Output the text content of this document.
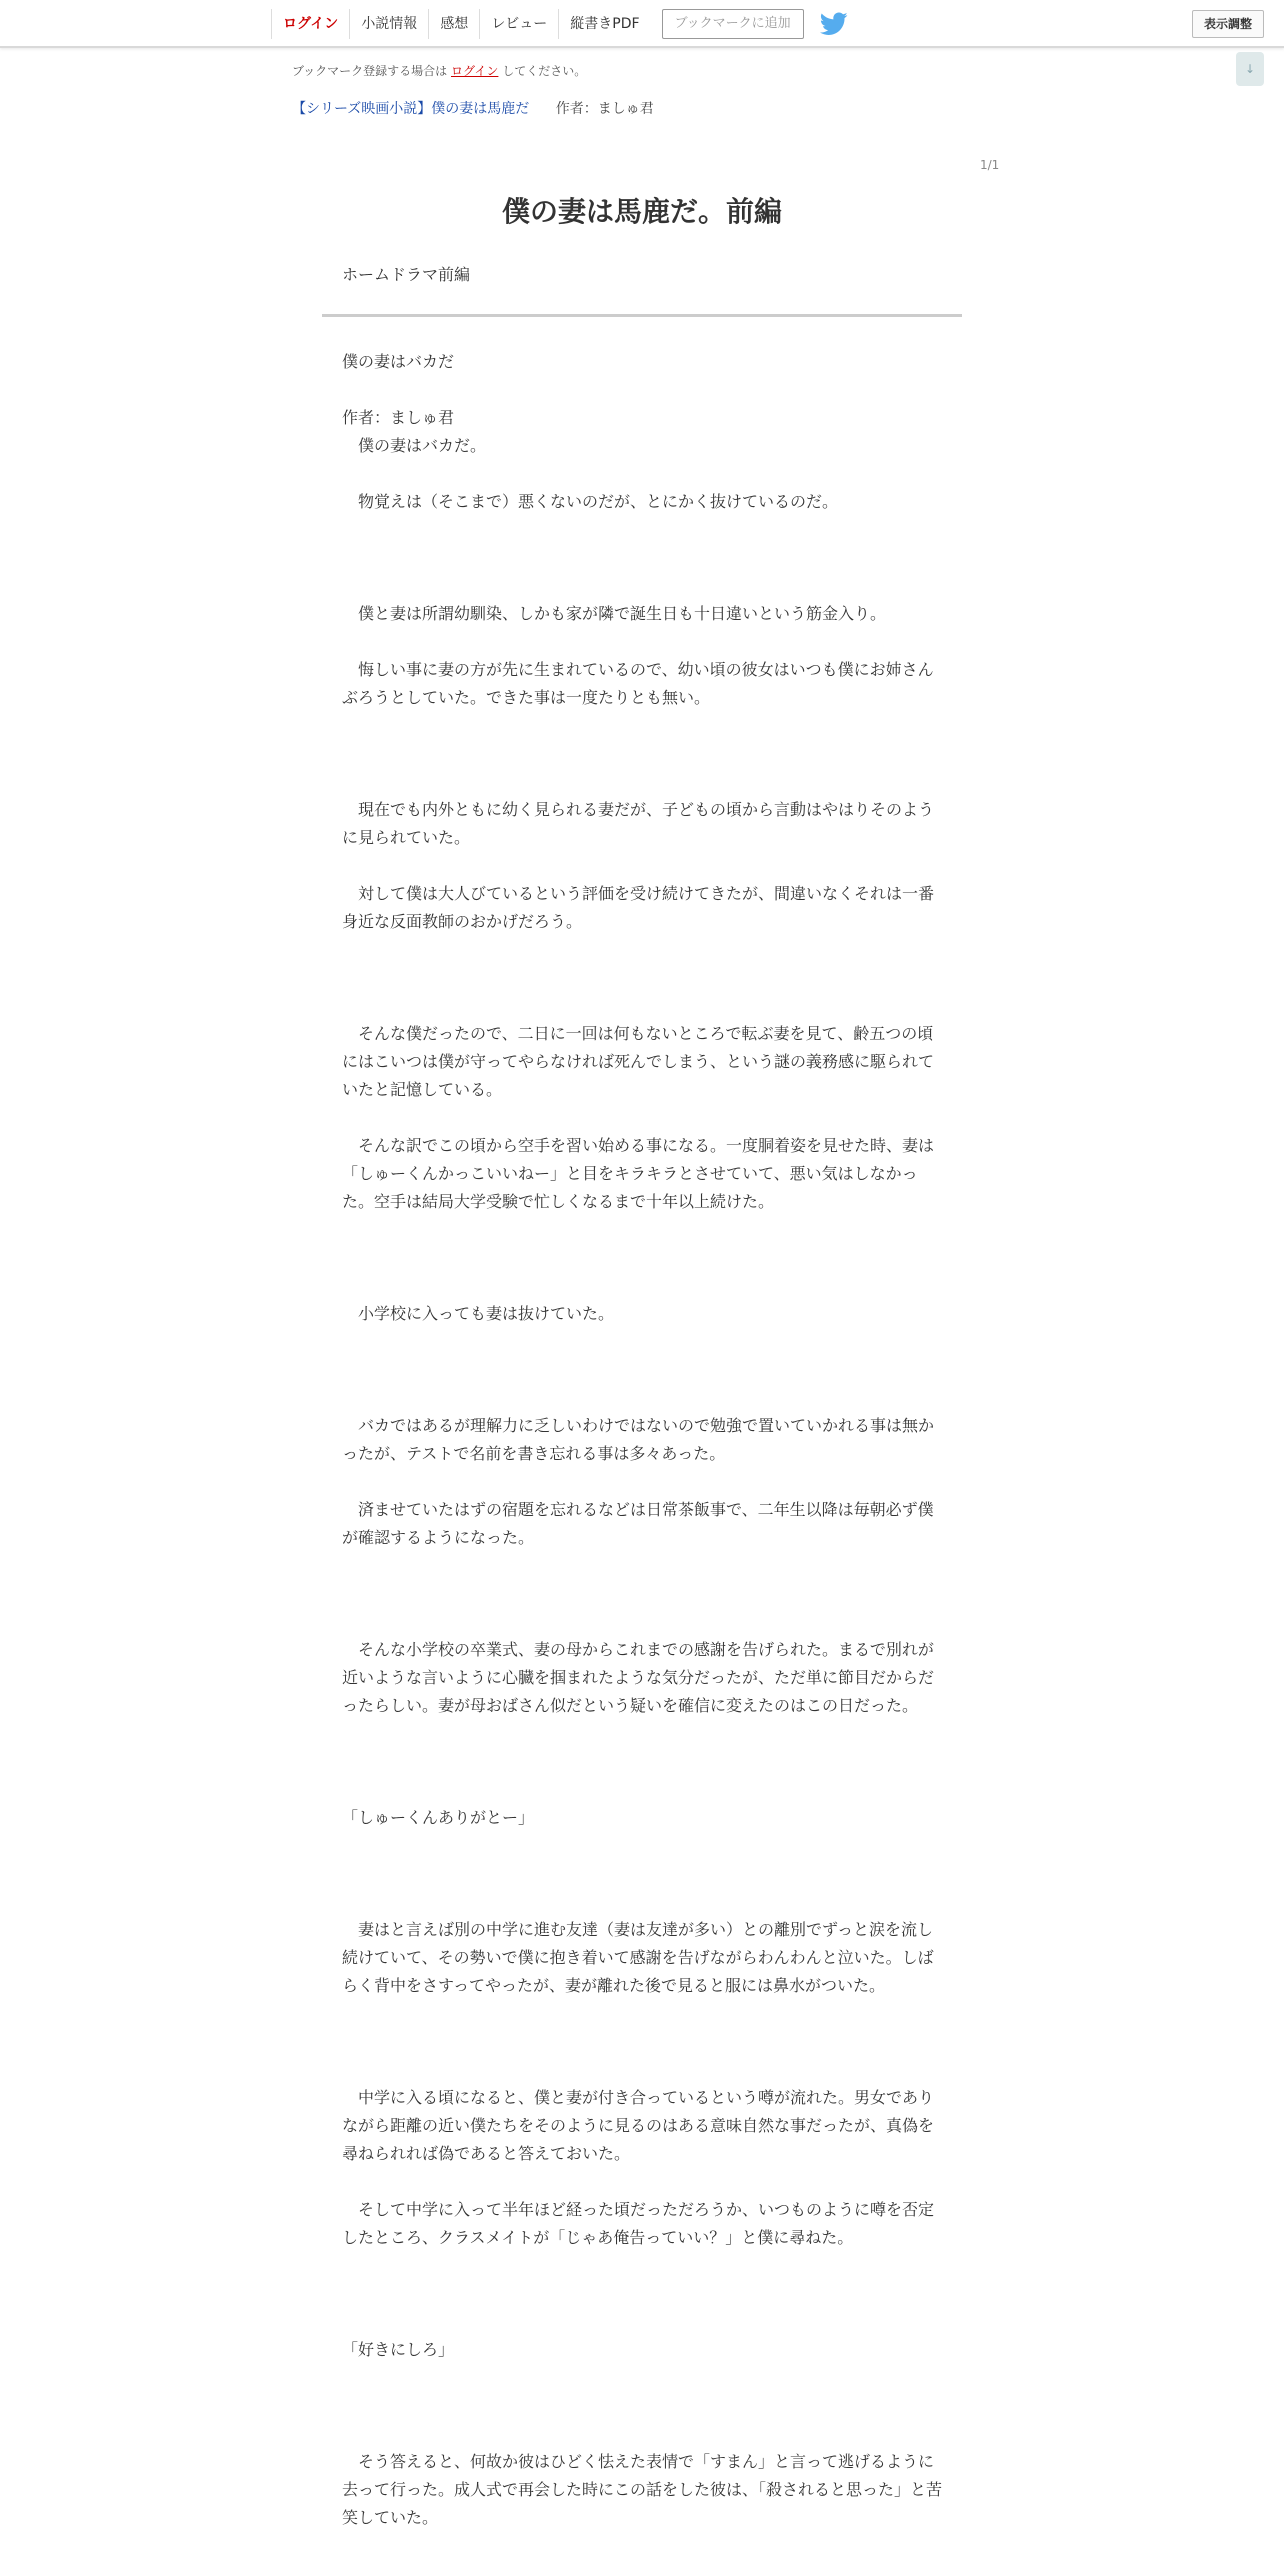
ログイン	小説情報	感想	レビュー	縦書きPDF	ブックマークに追加	表示調整
↓
ブックマーク登録する場合は ログイン してください。
【シリーズ映画小説】僕の妻は馬鹿だ 作者：ましゅ君
1/1
僕の妻は馬鹿だ。前編
ホームドラマ前編

僕の妻はバカだ

作者：ましゅ君

　僕の妻はバカだ。

　物覚えは（そこまで）悪くないのだが、とにかく抜けているのだ。

　僕と妻は所謂幼馴染、しかも家が隣で誕生日も十日違いという筋金入り。

　悔しい事に妻の方が先に生まれているので、幼い頃の彼女はいつも僕にお姉さんぶろうとしていた。できた事は一度たりとも無い。

　現在でも内外ともに幼く見られる妻だが、子どもの頃から言動はやはりそのように見られていた。

　対して僕は大人びているという評価を受け続けてきたが、間違いなくそれは一番身近な反面教師のおかげだろう。

　そんな僕だったので、二日に一回は何もないところで転ぶ妻を見て、齢五つの頃にはこいつは僕が守ってやらなければ死んでしまう、という謎の義務感に駆られていたと記憶している。

　そんな訳でこの頃から空手を習い始める事になる。一度胴着姿を見せた時、妻は「しゅーくんかっこいいねー」と目をキラキラとさせていて、悪い気はしなかった。空手は結局大学受験で忙しくなるまで十年以上続けた。

　小学校に入っても妻は抜けていた。

　バカではあるが理解力に乏しいわけではないので勉強で置いていかれる事は無かったが、テストで名前を書き忘れる事は多々あった。

　済ませていたはずの宿題を忘れるなどは日常茶飯事で、二年生以降は毎朝必ず僕が確認するようになった。

　そんな小学校の卒業式、妻の母からこれまでの感謝を告げられた。まるで別れが近いような言いように心臓を掴まれたような気分だったが、ただ単に節目だからだったらしい。妻が母おばさん似だという疑いを確信に変えたのはこの日だった。

「しゅーくんありがとー」

　妻はと言えば別の中学に進む友達（妻は友達が多い）との離別でずっと涙を流し続けていて、その勢いで僕に抱き着いて感謝を告げながらわんわんと泣いた。しばらく背中をさすってやったが、妻が離れた後で見ると服には鼻水がついた。

　中学に入る頃になると、僕と妻が付き合っているという噂が流れた。男女でありながら距離の近い僕たちをそのように見るのはある意味自然な事だったが、真偽を尋ねられれば偽であると答えておいた。

　そして中学に入って半年ほど経った頃だっただろうか、いつものように噂を否定したところ、クラスメイトが「じゃあ俺告っていい？」と僕に尋ねた。

「好きにしろ」

　そう答えると、何故か彼はひどく怯えた表情で「すまん」と言って逃げるように去って行った。成人式で再会した時にこの話をした彼は、「殺されると思った」と苦笑していた。
